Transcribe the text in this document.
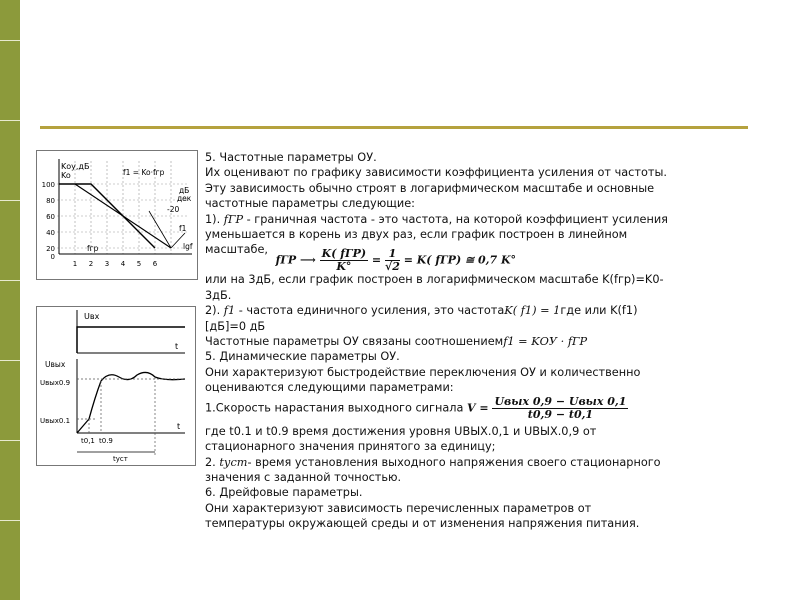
Kоу,дБ
Ko	f1 = Ko·fгр
дБ
дек
-20
f1
lgf
fгр
100
80
60
40
20
0
1 2 3 4 5 6
Uвх
t
Uвых
Uвых0.9
Uвых0.1
t
t0,1 t0.9
tуст

5. Частотные параметры ОУ.

Их оценивают по графику зависимости коэффициента усиления от частоты.

Эту зависимость обычно строят в логарифмическом масштабе и основные

частотные параметры следующие:

1). fГР - граничная частота - это частота, на которой коэффициент усиления

уменьшается в корень из двух раз, если график построен в линейном

масштабе, fГР ⟶ $\frac{\text{K( fГР)}}{K^\circ} = \frac{1}{√2} = K$( fГР) ≅ 0,7 K°

или на 3дБ, если график построен в логарифмическом масштабе K(fгр)=K0-

3дБ.

2). f1 - частота единичного усиления, это частотаK( f1) = 1где или K(f1)

[дБ]=0 дБ

Частотные параметры ОУ связаны соотношениемf1 = KОУ · fГР

5. Динамические параметры ОУ.

Они характеризуют быстродействие переключения ОУ и количественно

оцениваются следующими параметрами:

1.Скорость нарастания выходного сигнала $V = \frac{\text{Uвых 0,9 − Uвых 0,1}}{t0,9 - t0,1}$

где t0.1 и t0.9 время достижения уровня UВЫХ.0,1 и UВЫХ.0,9 от

стационарного значения принятого за единицу;

2. tуст- время установления выходного напряжения своего стационарного

значения с заданной точностью.

6. Дрейфовые параметры.

Они характеризуют зависимость перечисленных параметров от

температуры окружающей среды и от изменения напряжения питания.
